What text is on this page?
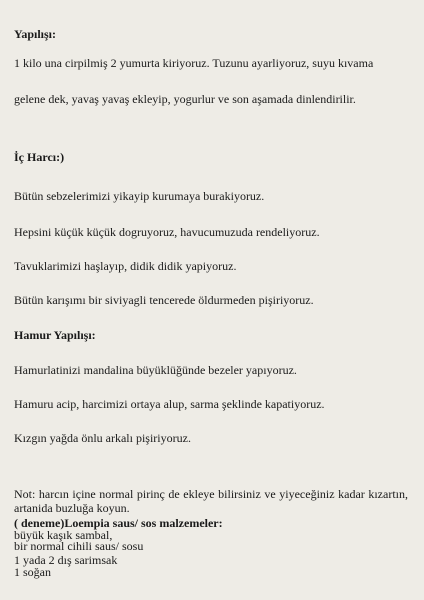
Yapılışı:
1 kilo una cirpilmiş 2 yumurta kiriyoruz. Tuzunu ayarliyoruz, suyu kıvama
gelene dek, yavaş yavaş ekleyip, yogurlur ve son aşamada dinlendirilir.
İç Harcı:)
Bütün sebzelerimizi yikayip kurumaya burakiyoruz.
Hepsini küçük küçük dogruyoruz, havucumuzuda rendeliyoruz.
Tavuklarimizi haşlayıp, didik didik yapiyoruz.
Bütün karışımı bir siviyagli tencerede öldurmeden pişiriyoruz.
Hamur Yapılışı:
Hamurlatinizi mandalina büyüklüğünde bezeler yapıyoruz.
Hamuru acip, harcimizi ortaya alup, sarma şeklinde kapatiyoruz.
Kızgın yağda önlu arkalı pişiriyoruz.
Not: harcın içine normal pirinç de ekleye bilirsiniz ve yiyeceğiniz kadar kızartın, artanida buzluğa koyun.
( deneme)Loempia saus/ sos malzemeler:
büyük kaşık sambal,
bir normal cihili saus/ sosu
1 yada 2 dış sarimsak
1 soğan
